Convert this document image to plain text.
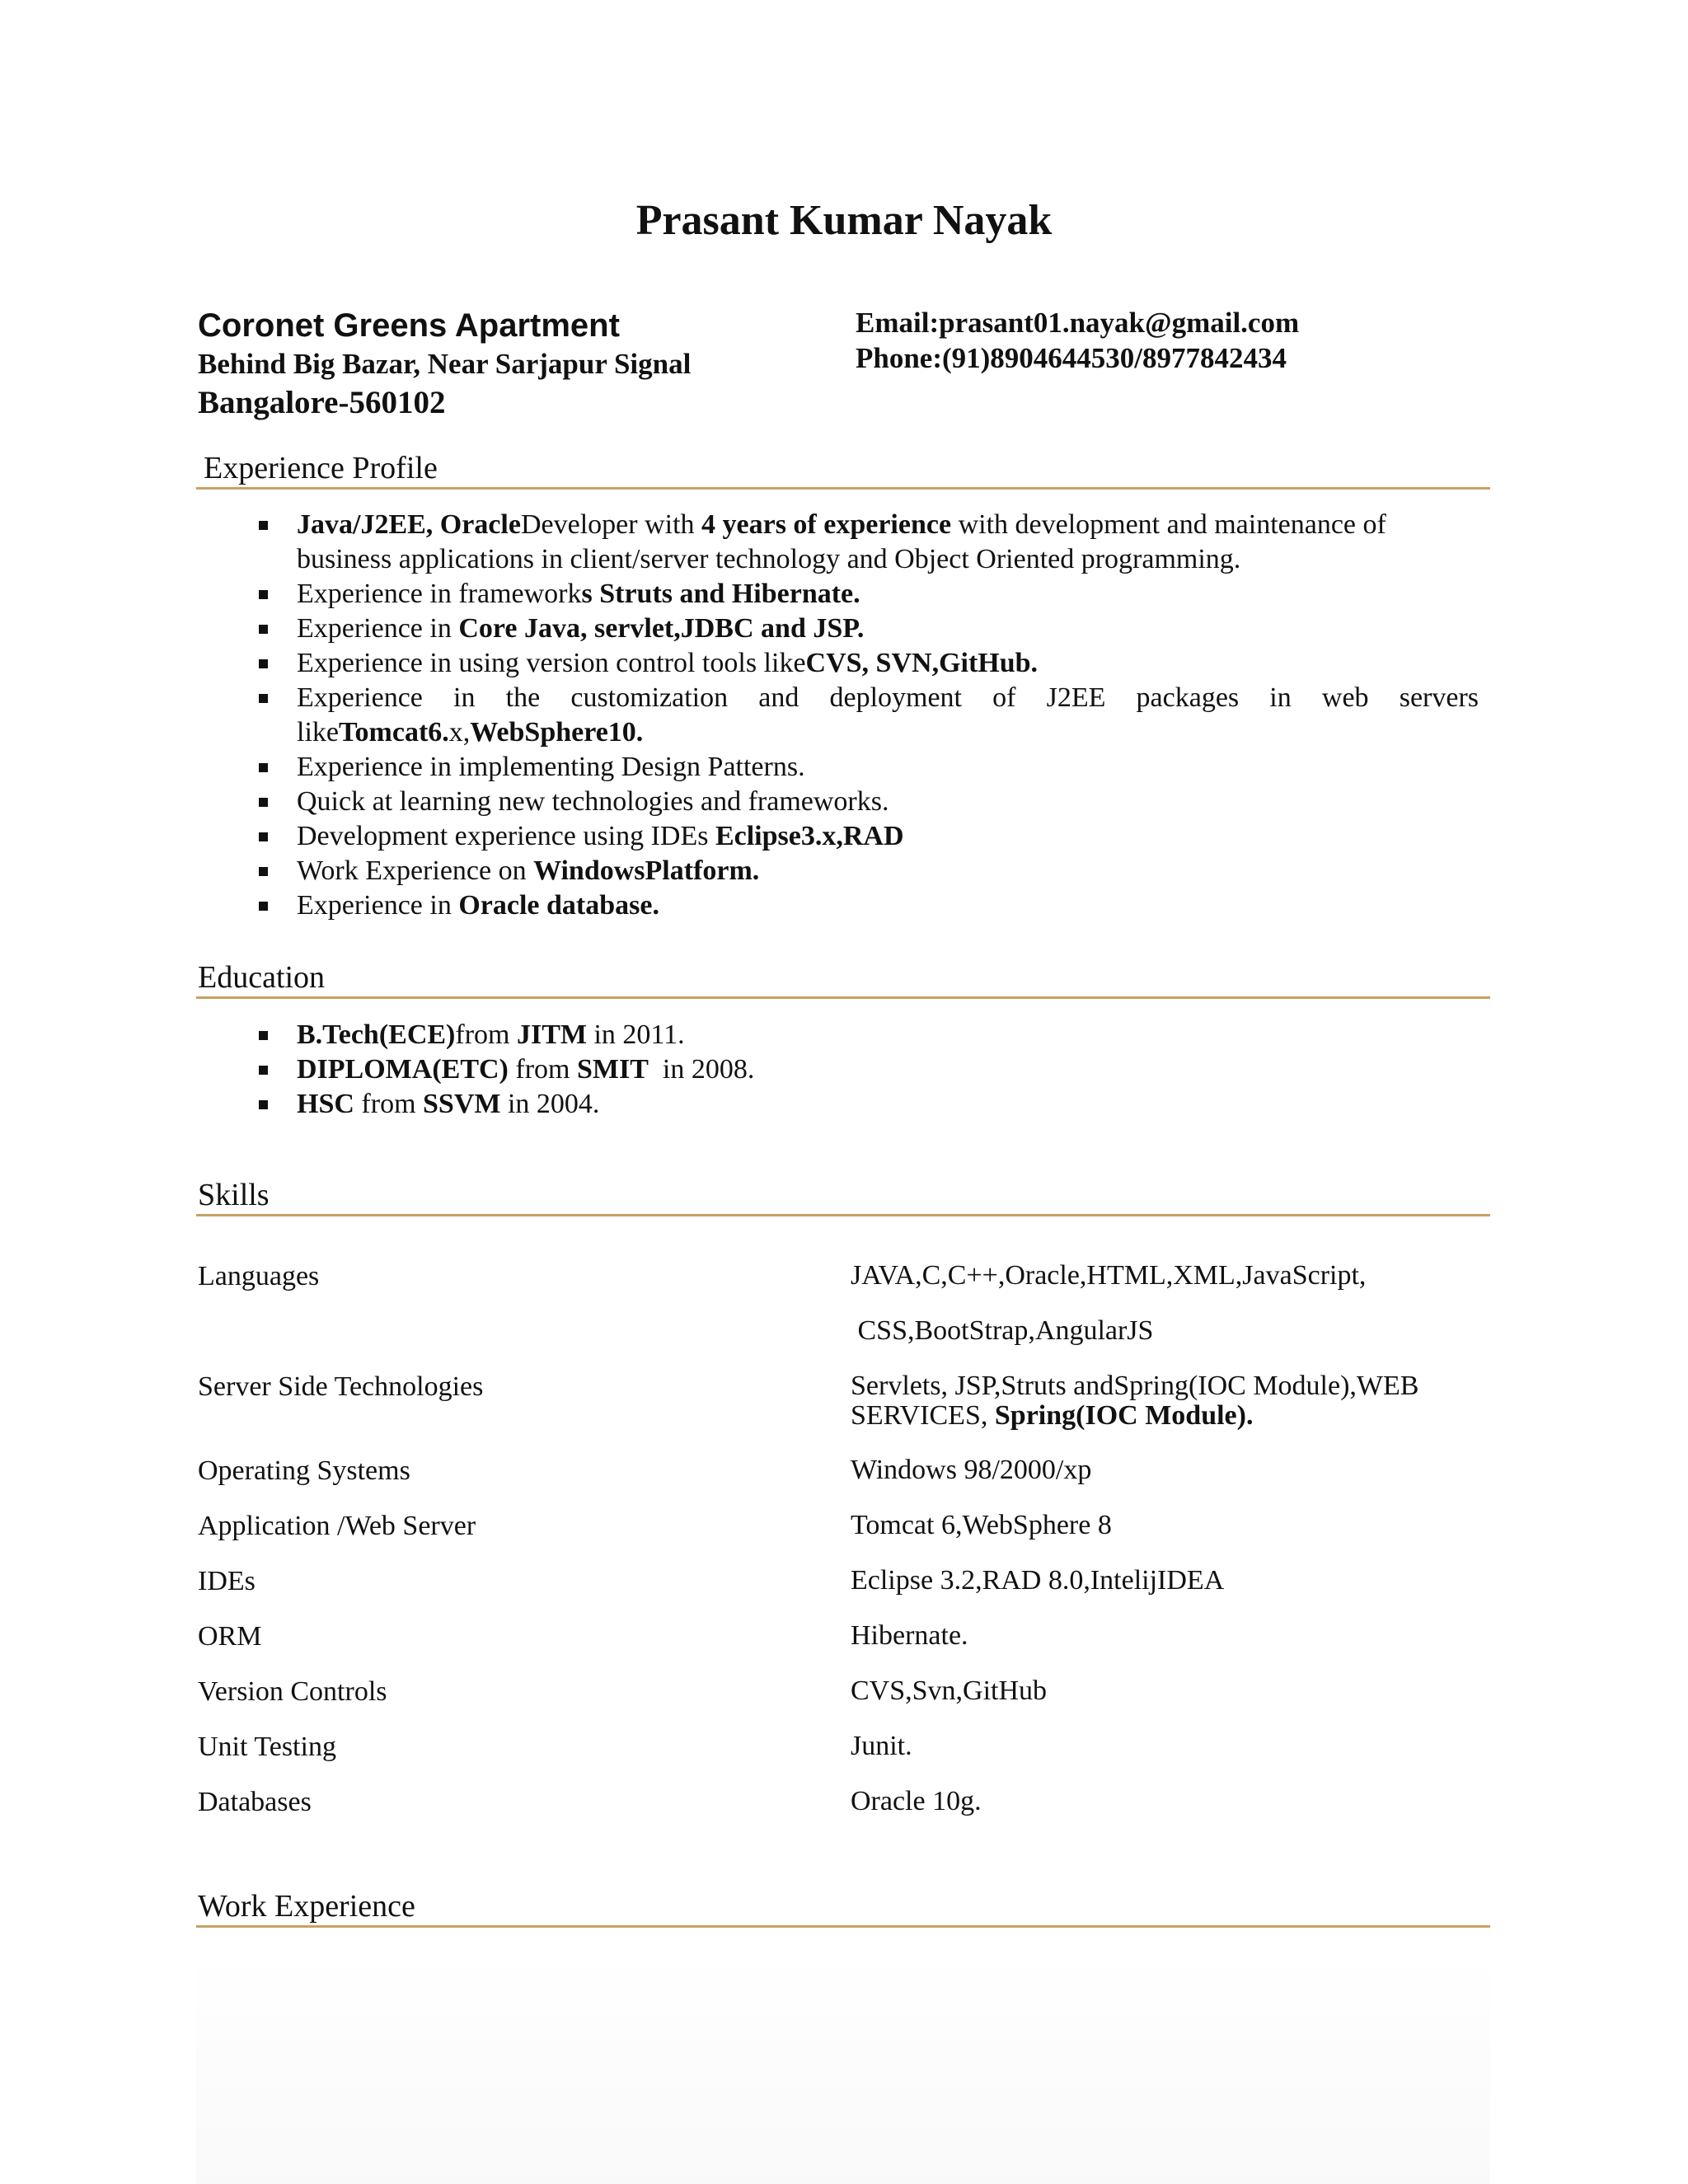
Prasant Kumar Nayak
Coronet Greens Apartment
Behind Big Bazar, Near Sarjapur Signal
Bangalore-560102
Email:prasant01.nayak@gmail.com
Phone:(91)8904644530/8977842434
Experience Profile
Java/J2EE, OracleDeveloper with 4 years of experience with development and maintenance of business applications in client/server technology and Object Oriented programming.
Experience in frameworks Struts and Hibernate.
Experience in Core Java, servlet,JDBC and JSP.
Experience in using version control tools likeCVS, SVN,GitHub.
Experience in the customization and deployment of J2EE packages in web servers
likeTomcat6.x,WebSphere10.
Experience in implementing Design Patterns.
Quick at learning new technologies and frameworks.
Development experience using IDEs Eclipse3.x,RAD
Work Experience on WindowsPlatform.
Experience in Oracle database.
Education
B.Tech(ECE)from JITM in 2011.
DIPLOMA(ETC) from SMIT  in 2008.
HSC from SSVM in 2004.
Skills
Languages	JAVA,C,C++,Oracle,HTML,XML,JavaScript,
CSS,BootStrap,AngularJS
Server Side Technologies	Servlets, JSP,Struts andSpring(IOC Module),WEB SERVICES, Spring(IOC Module).
Operating Systems	Windows 98/2000/xp
Application /Web Server	Tomcat 6,WebSphere 8
IDEs	Eclipse 3.2,RAD 8.0,IntelijIDEA
ORM	Hibernate.
Version Controls	CVS,Svn,GitHub
Unit Testing	Junit.
Databases	Oracle 10g.
Work Experience
